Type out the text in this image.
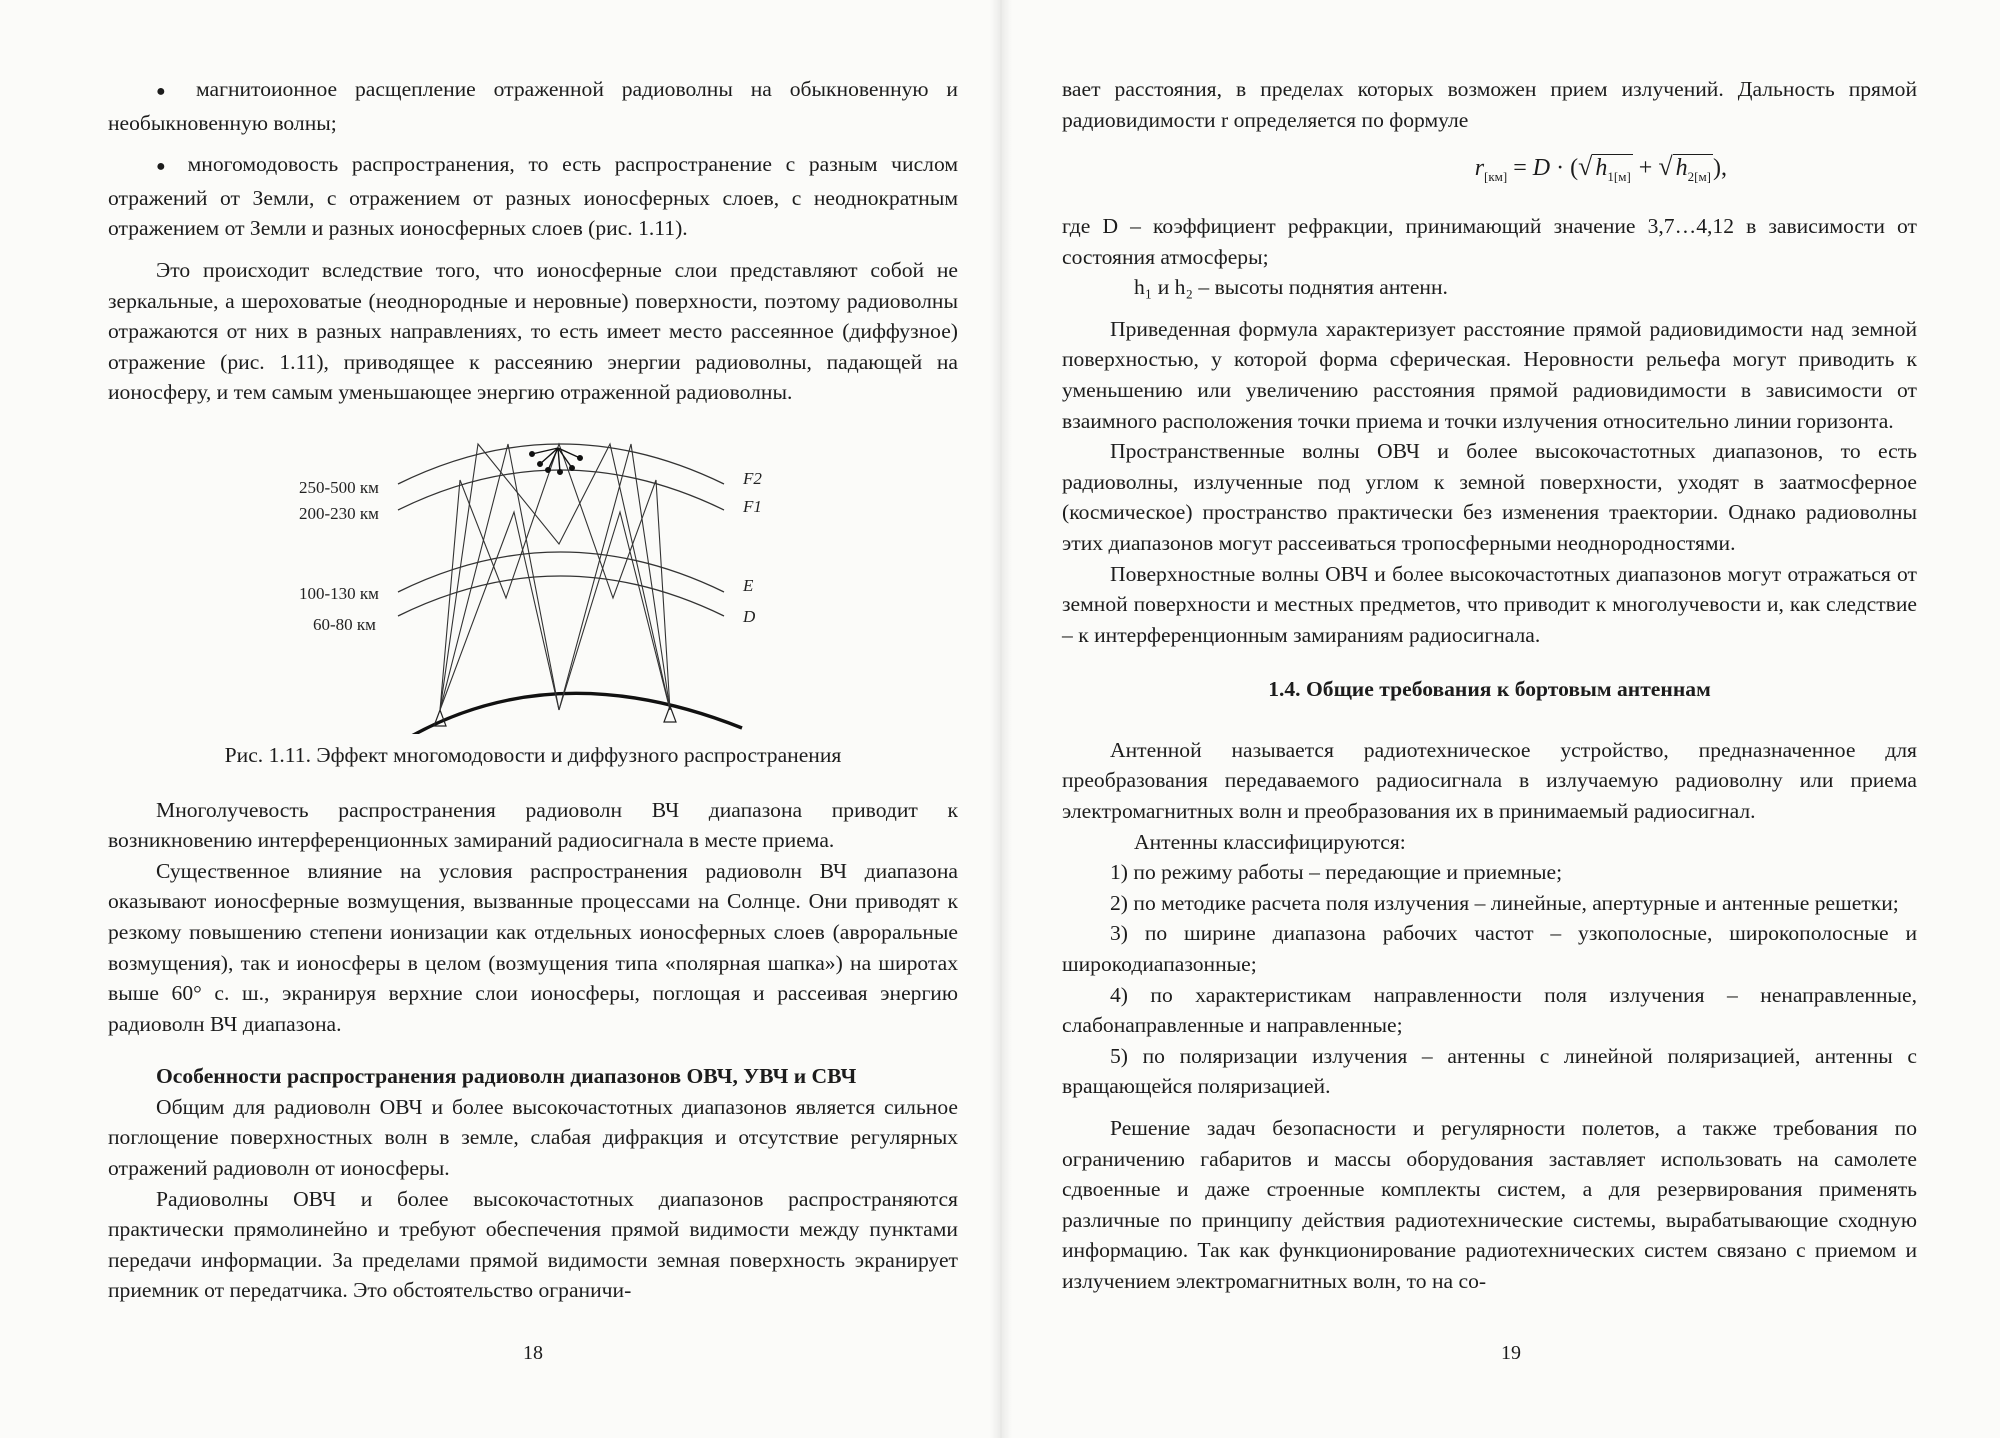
● магнитоионное расщепление отраженной радиоволны на обыкновенную и необыкновенную волны;

● многомодовость распространения, то есть распространение с разным числом отражений от Земли, с отражением от разных ионосферных слоев, с неоднократным отражением от Земли и разных ионосферных слоев (рис. 1.11).

Это происходит вследствие того, что ионосферные слои представляют собой не зеркальные, а шероховатые (неоднородные и неровные) поверхности, поэтому радиоволны отражаются от них в разных направлениях, то есть имеет место рассеянное (диффузное) отражение (рис. 1.11), приводящее к рассеянию энергии радиоволны, падающей на ионосферу, и тем самым уменьшающее энергию отраженной радиоволны.

250-500 км
200-230 км
100-130 км
60-80 км
F2
F1
E
D

Рис. 1.11. Эффект многомодовости и диффузного распространения

Многолучевость распространения радиоволн ВЧ диапазона приводит к возникновению интерференционных замираний радиосигнала в месте приема.

Существенное влияние на условия распространения радиоволн ВЧ диапазона оказывают ионосферные возмущения, вызванные процессами на Солнце. Они приводят к резкому повышению степени ионизации как отдельных ионосферных слоев (авроральные возмущения), так и ионосферы в целом (возмущения типа «полярная шапка») на широтах выше 60° с. ш., экранируя верхние слои ионосферы, поглощая и рассеивая энергию радиоволн ВЧ диапазона.

Особенности распространения радиоволн диапазонов ОВЧ, УВЧ и СВЧ

Общим для радиоволн ОВЧ и более высокочастотных диапазонов является сильное поглощение поверхностных волн в земле, слабая дифракция и отсутствие регулярных отражений радиоволн от ионосферы.

Радиоволны ОВЧ и более высокочастотных диапазонов распространяются практически прямолинейно и требуют обеспечения прямой видимости между пунктами передачи информации. За пределами прямой видимости земная поверхность экранирует приемник от передатчика. Это обстоятельство ограничи-

18

вает расстояния, в пределах которых возможен прием излучений. Дальность прямой радиовидимости r определяется по формуле

$r_{[км]} = D$ · (√ $h_{1[м]}$ + √ $h_{2[м]}$),

где D – коэффициент рефракции, принимающий значение 3,7…4,12 в зависимости от состояния атмосферы;

h₁ и h₂ – высоты поднятия антенн.

Приведенная формула характеризует расстояние прямой радиовидимости над земной поверхностью, у которой форма сферическая. Неровности рельефа могут приводить к уменьшению или увеличению расстояния прямой радиовидимости в зависимости от взаимного расположения точки приема и точки излучения относительно линии горизонта.

Пространственные волны ОВЧ и более высокочастотных диапазонов, то есть радиоволны, излученные под углом к земной поверхности, уходят в заатмосферное (космическое) пространство практически без изменения траектории. Однако радиоволны этих диапазонов могут рассеиваться тропосферными неоднородностями.

Поверхностные волны ОВЧ и более высокочастотных диапазонов могут отражаться от земной поверхности и местных предметов, что приводит к многолучевости и, как следствие – к интерференционным замираниям радиосигнала.

1.4. Общие требования к бортовым антеннам

Антенной называется радиотехническое устройство, предназначенное для преобразования передаваемого радиосигнала в излучаемую радиоволну или приема электромагнитных волн и преобразования их в принимаемый радиосигнал.

Антенны классифицируются:

1) по режиму работы – передающие и приемные;

2) по методике расчета поля излучения – линейные, апертурные и антенные решетки;

3) по ширине диапазона рабочих частот – узкополосные, широкополосные и широкодиапазонные;

4) по характеристикам направленности поля излучения – ненаправленные, слабонаправленные и направленные;

5) по поляризации излучения – антенны с линейной поляризацией, антенны с вращающейся поляризацией.

Решение задач безопасности и регулярности полетов, а также требования по ограничению габаритов и массы оборудования заставляет использовать на самолете сдвоенные и даже строенные комплекты систем, а для резервирования применять различные по принципу действия радиотехнические системы, вырабатывающие сходную информацию. Так как функционирование радиотехнических систем связано с приемом и излучением электромагнитных волн, то на со-

19
